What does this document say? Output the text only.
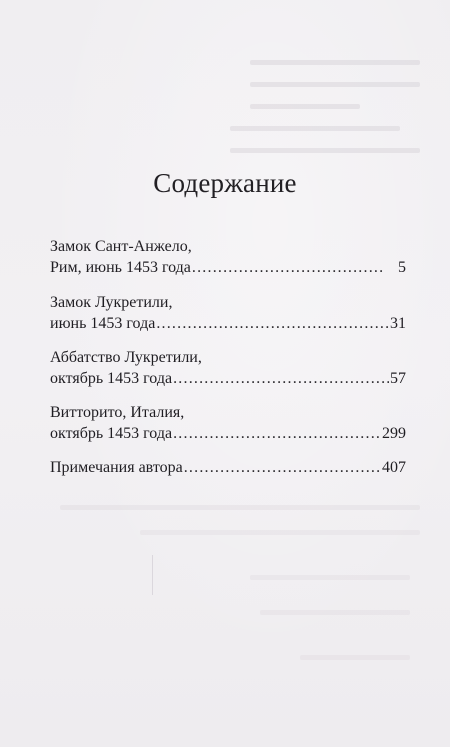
Содержание
Замок Сант-Анжело,
Рим, июнь 1453 года .....	5
Замок Лукретили,
июнь 1453 года .....	31
Аббатство Лукретили,
октябрь 1453 года .....	57
Витторито, Италия,
октябрь 1453 года .....	299
Примечания автора .....	407
